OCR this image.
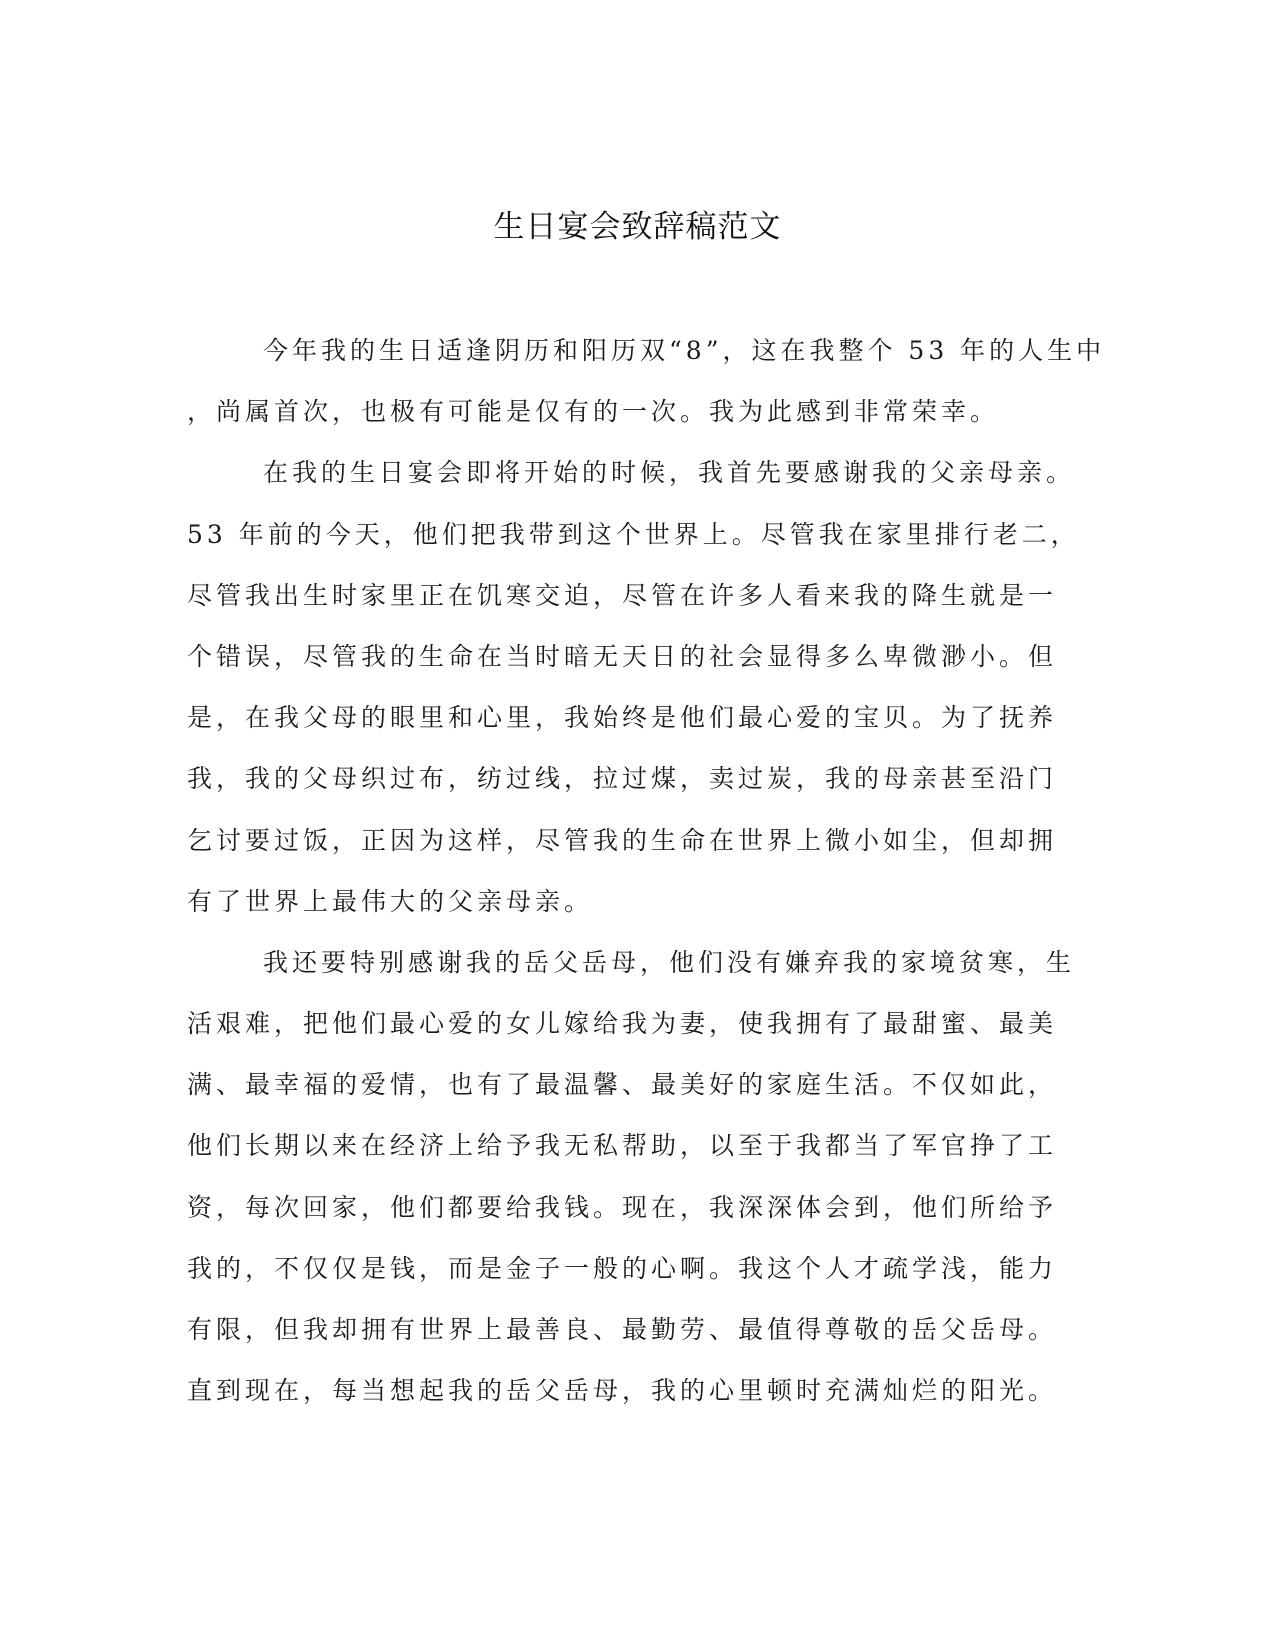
生日宴会致辞稿范文
今年我的生日适逢阴历和阳历双“8”，这在我整个 53 年的人生中
，尚属首次，也极有可能是仅有的一次。我为此感到非常荣幸。
在我的生日宴会即将开始的时候，我首先要感谢我的父亲母亲。
53 年前的今天，他们把我带到这个世界上。尽管我在家里排行老二，
尽管我出生时家里正在饥寒交迫，尽管在许多人看来我的降生就是一
个错误，尽管我的生命在当时暗无天日的社会显得多么卑微渺小。但
是，在我父母的眼里和心里，我始终是他们最心爱的宝贝。为了抚养
我，我的父母织过布，纺过线，拉过煤，卖过炭，我的母亲甚至沿门
乞讨要过饭，正因为这样，尽管我的生命在世界上微小如尘，但却拥
有了世界上最伟大的父亲母亲。
我还要特别感谢我的岳父岳母，他们没有嫌弃我的家境贫寒，生
活艰难，把他们最心爱的女儿嫁给我为妻，使我拥有了最甜蜜、最美
满、最幸福的爱情，也有了最温馨、最美好的家庭生活。不仅如此，
他们长期以来在经济上给予我无私帮助，以至于我都当了军官挣了工
资，每次回家，他们都要给我钱。现在，我深深体会到，他们所给予
我的，不仅仅是钱，而是金子一般的心啊。我这个人才疏学浅，能力
有限，但我却拥有世界上最善良、最勤劳、最值得尊敬的岳父岳母。
直到现在，每当想起我的岳父岳母，我的心里顿时充满灿烂的阳光。
